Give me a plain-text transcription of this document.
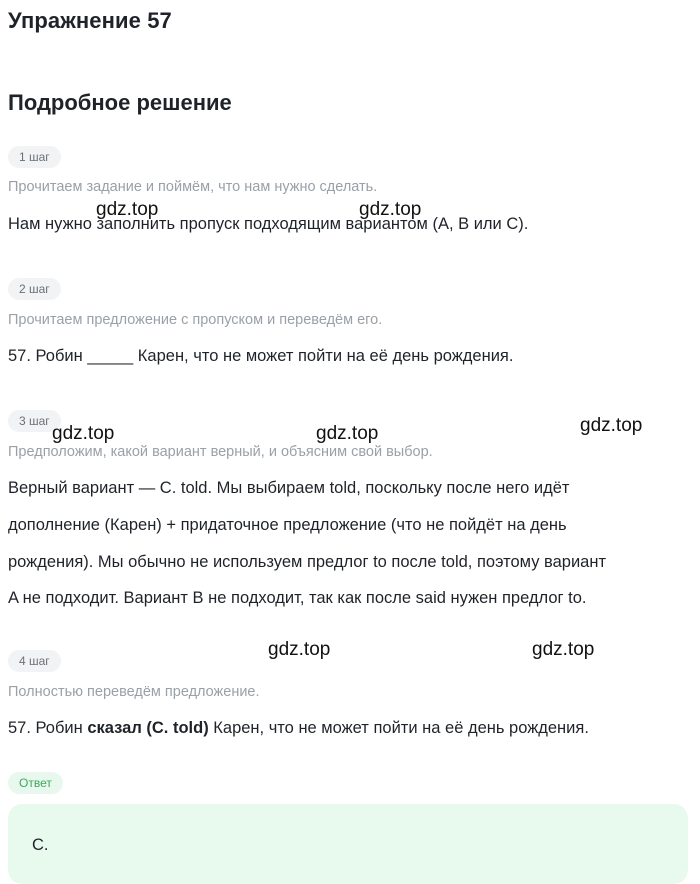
Упражнение 57
Подробное решение
1 шаг

Прочитаем задание и поймём, что нам нужно сделать.

Нам нужно заполнить пропуск подходящим вариантом (A, B или C).

2 шаг

Прочитаем предложение с пропуском и переведём его.

57. Робин _____ Карен, что не может пойти на её день рождения.

3 шаг

Предположим, какой вариант верный, и объясним свой выбор.

Верный вариант — C. told. Мы выбираем told, поскольку после него идёт

дополнение (Карен) + придаточное предложение (что не пойдёт на день

рождения). Мы обычно не используем предлог to после told, поэтому вариант

A не подходит. Вариант B не подходит, так как после said нужен предлог to.

4 шаг

Полностью переведём предложение.

57. Робин сказал (C. told) Карен, что не может пойти на её день рождения.

Ответ
C.
gdz.top	gdz.top
gdz.top	gdz.top	gdz.top
gdz.top	gdz.top
